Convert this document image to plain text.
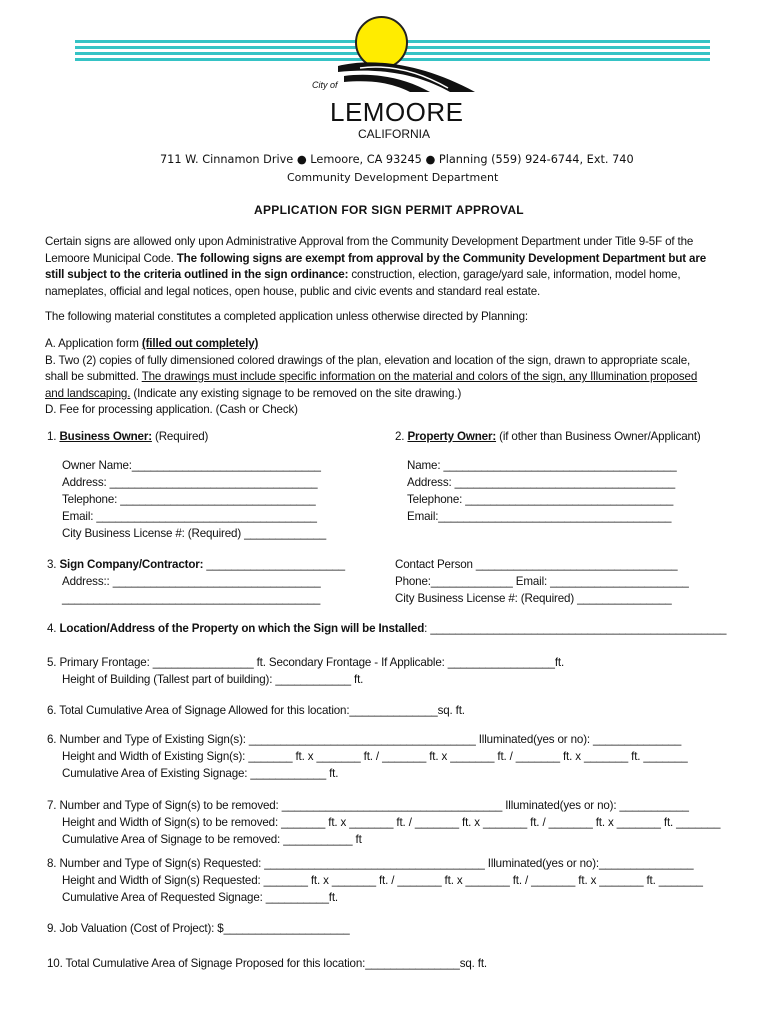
City of
LEMOORE
CALIFORNIA
711 W. Cinnamon Drive ● Lemoore, CA 93245 ● Planning (559) 924-6744, Ext. 740
Community Development Department
APPLICATION FOR SIGN PERMIT APPROVAL
Certain signs are allowed only upon Administrative Approval from the Community Development Department under Title 9-5F of the
Lemoore Municipal Code. The following signs are exempt from approval by the Community Development Department but are
still subject to the criteria outlined in the sign ordinance: construction, election, garage/yard sale, information, model home,
nameplates, official and legal notices, open house, public and civic events and standard real estate.
The following material constitutes a completed application unless otherwise directed by Planning:
A. Application form (filled out completely)
B. Two (2) copies of fully dimensioned colored drawings of the plan, elevation and location of the sign, drawn to appropriate scale,
shall be submitted. The drawings must include specific information on the material and colors of the sign, any Illumination proposed
and landscaping. (Indicate any existing signage to be removed on the site drawing.)
D. Fee for processing application. (Cash or Check)
1. Business Owner: (Required)	2. Property Owner: (if other than Business Owner/Applicant)
Owner Name:______________________________
Address: _________________________________
Telephone: _______________________________
Email: ___________________________________
City Business License #: (Required) _____________
Name: _____________________________________
Address: ___________________________________
Telephone: _________________________________
Email:_____________________________________
3. Sign Company/Contractor: ______________________
Address:: _________________________________
_________________________________________
Contact Person ________________________________
Phone:_____________ Email: ______________________
City Business License #: (Required) _______________
4. Location/Address of the Property on which the Sign will be Installed: _______________________________________________
5. Primary Frontage: ________________ ft. Secondary Frontage - If Applicable: _________________ft.
Height of Building (Tallest part of building): ____________ ft.
6. Total Cumulative Area of Signage Allowed for this location:______________sq. ft.
6. Number and Type of Existing Sign(s): ____________________________________ Illuminated(yes or no): ______________
Height and Width of Existing Sign(s): _______ ft. x _______ ft. / _______ ft. x _______ ft. / _______ ft. x _______ ft. _______
Cumulative Area of Existing Signage: ____________ ft.
7. Number and Type of Sign(s) to be removed: ___________________________________ Illuminated(yes or no): ___________
Height and Width of Sign(s) to be removed: _______ ft. x _______ ft. / _______ ft. x _______ ft. / _______ ft. x _______ ft. _______
Cumulative Area of Signage to be removed: ___________ ft
8. Number and Type of Sign(s) Requested: ___________________________________ Illuminated(yes or no):_______________
Height and Width of Sign(s) Requested: _______ ft. x _______ ft. / _______ ft. x _______ ft. / _______ ft. x _______ ft. _______
Cumulative Area of Requested Signage: __________ft.
9. Job Valuation (Cost of Project): $____________________
10. Total Cumulative Area of Signage Proposed for this location:_______________sq. ft.
